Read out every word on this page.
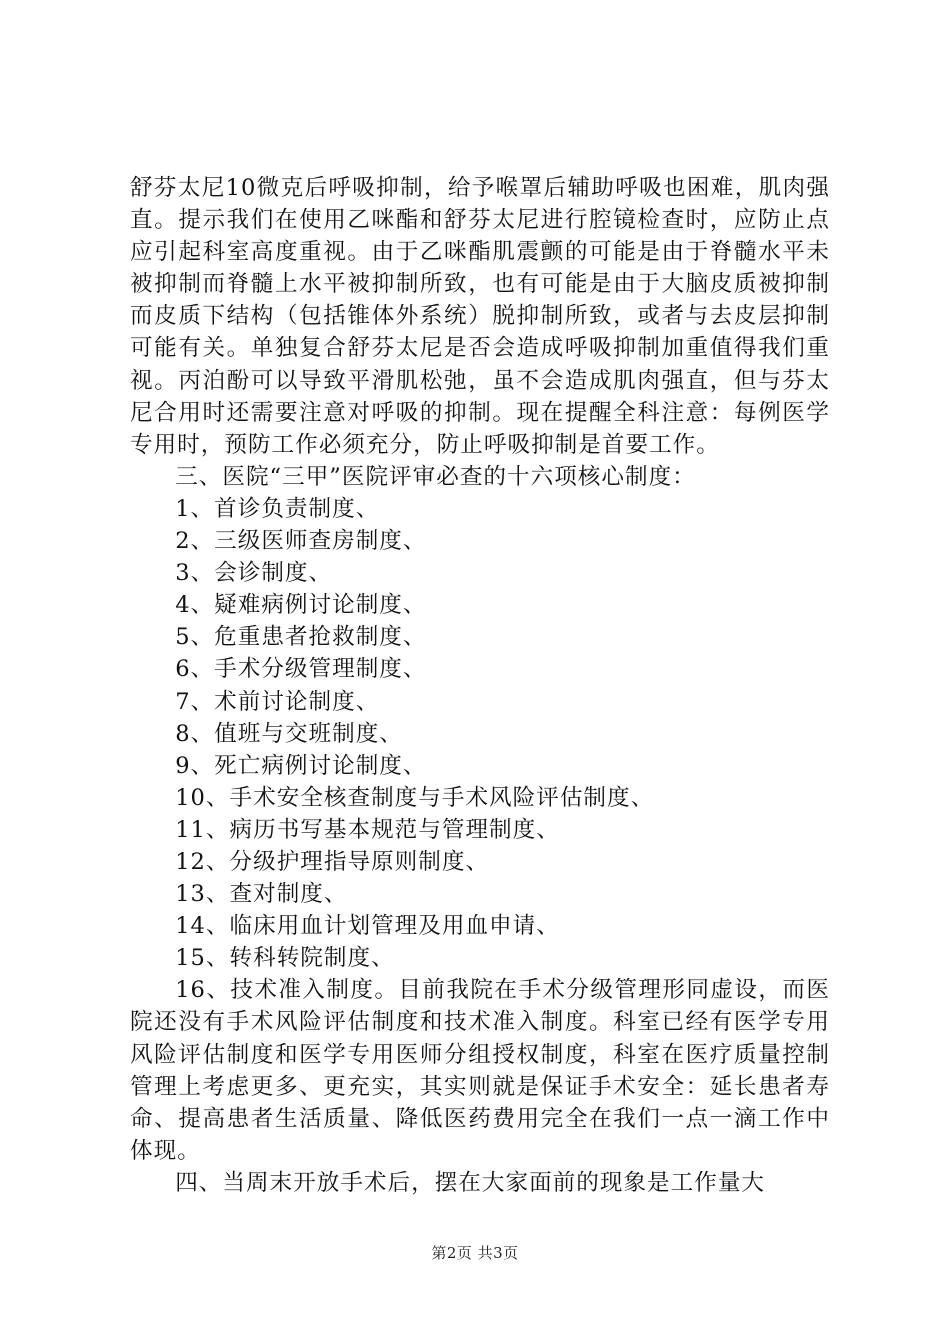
舒芬太尼10微克后呼吸抑制，给予喉罩后辅助呼吸也困难，肌肉强直。提示我们在使用乙咪酯和舒芬太尼进行腔镜检查时，应防止点应引起科室高度重视。由于乙咪酯肌震颤的可能是由于脊髓水平未被抑制而脊髓上水平被抑制所致，也有可能是由于大脑皮质被抑制而皮质下结构（包括锥体外系统）脱抑制所致，或者与去皮层抑制可能有关。单独复合舒芬太尼是否会造成呼吸抑制加重值得我们重视。丙泊酚可以导致平滑肌松弛，虽不会造成肌肉强直，但与芬太尼合用时还需要注意对呼吸的抑制。现在提醒全科注意：每例医学专用时，预防工作必须充分，防止呼吸抑制是首要工作。

三、医院“三甲”医院评审必查的十六项核心制度：

1、首诊负责制度、

2、三级医师查房制度、

3、会诊制度、

4、疑难病例讨论制度、

5、危重患者抢救制度、

6、手术分级管理制度、

7、术前讨论制度、

8、值班与交班制度、

9、死亡病例讨论制度、

10、手术安全核查制度与手术风险评估制度、

11、病历书写基本规范与管理制度、

12、分级护理指导原则制度、

13、查对制度、

14、临床用血计划管理及用血申请、

15、转科转院制度、

16、技术准入制度。目前我院在手术分级管理形同虚设，而医院还没有手术风险评估制度和技术准入制度。科室已经有医学专用风险评估制度和医学专用医师分组授权制度，科室在医疗质量控制管理上考虑更多、更充实，其实则就是保证手术安全：延长患者寿命、提高患者生活质量、降低医药费用完全在我们一点一滴工作中体现。

四、当周末开放手术后，摆在大家面前的现象是工作量大

第2页 共3页
